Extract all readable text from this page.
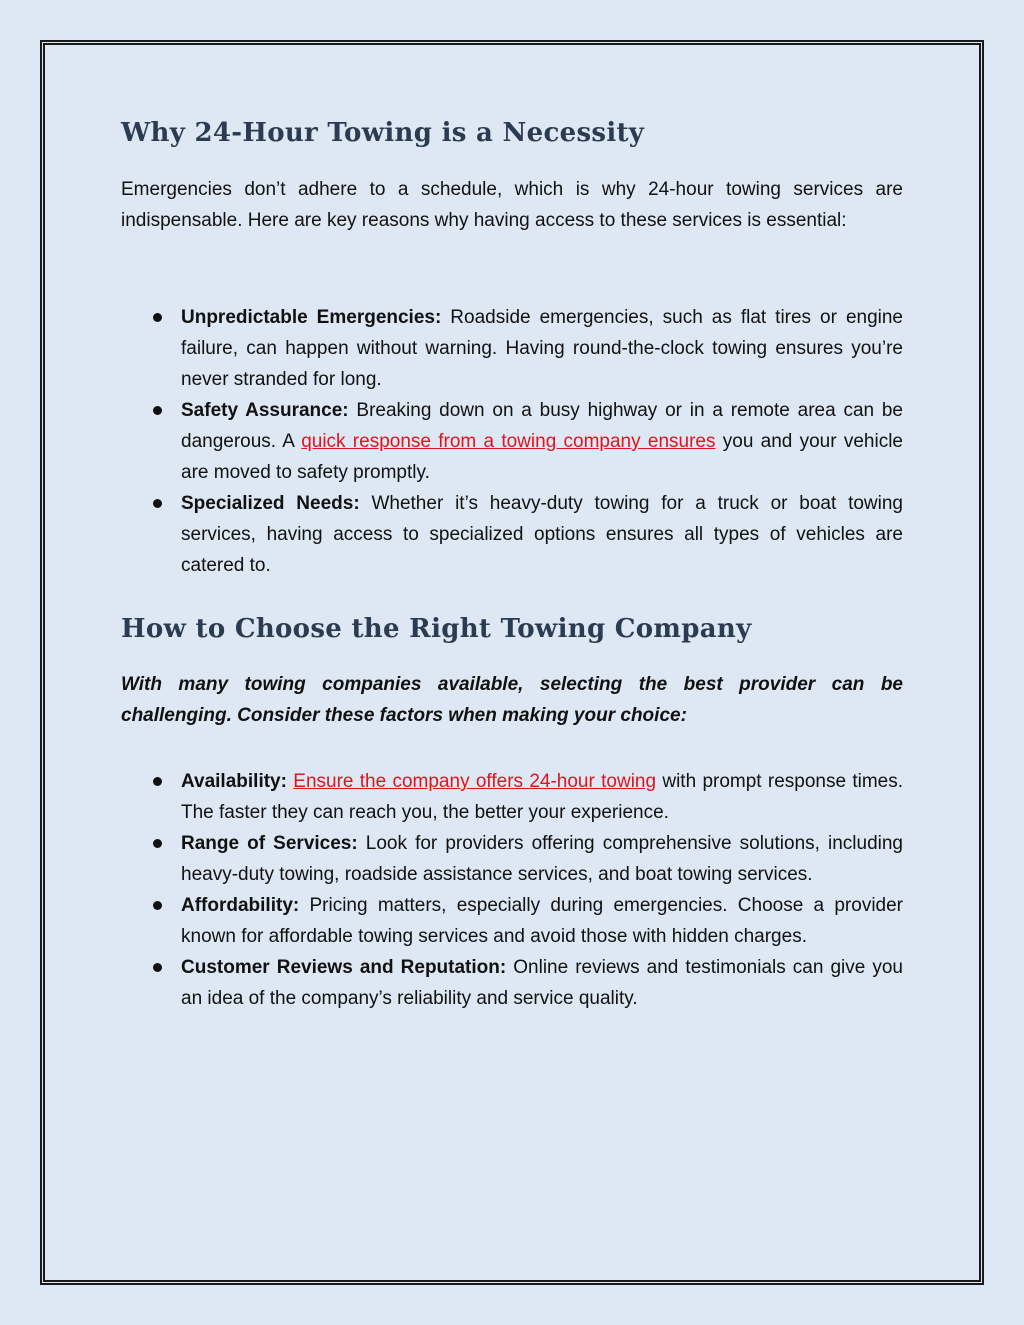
Why 24-Hour Towing is a Necessity

Emergencies don’t adhere to a schedule, which is why 24-hour towing services are indispensable. Here are key reasons why having access to these services is essential:

Unpredictable Emergencies: Roadside emergencies, such as flat tires or engine failure, can happen without warning. Having round-the-clock towing ensures you’re never stranded for long.
Safety Assurance: Breaking down on a busy highway or in a remote area can be dangerous. A quick response from a towing company ensures you and your vehicle are moved to safety promptly.
Specialized Needs: Whether it’s heavy-duty towing for a truck or boat towing services, having access to specialized options ensures all types of vehicles are catered to.
How to Choose the Right Towing Company

With many towing companies available, selecting the best provider can be challenging. Consider these factors when making your choice:

Availability: Ensure the company offers 24-hour towing with prompt response times. The faster they can reach you, the better your experience.
Range of Services: Look for providers offering comprehensive solutions, including heavy-duty towing, roadside assistance services, and boat towing services.
Affordability: Pricing matters, especially during emergencies. Choose a provider known for affordable towing services and avoid those with hidden charges.
Customer Reviews and Reputation: Online reviews and testimonials can give you an idea of the company’s reliability and service quality.
